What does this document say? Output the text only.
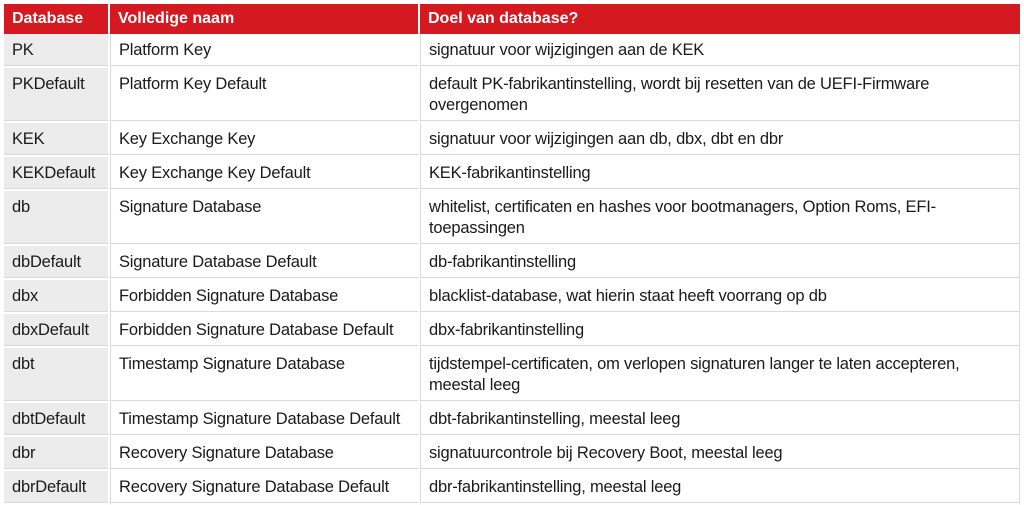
Database	Volledige naam	Doel van database?
PK	Platform Key	signatuur voor wijzigingen aan de KEK
PKDefault	Platform Key Default	default PK-fabrikantinstelling, wordt bij resetten van de UEFI-Firmware overgenomen
KEK	Key Exchange Key	signatuur voor wijzigingen aan db, dbx, dbt en dbr
KEKDefault	Key Exchange Key Default	KEK-fabrikantinstelling
db	Signature Database	whitelist, certificaten en hashes voor bootmanagers, Option Roms, EFI-toepassingen
dbDefault	Signature Database Default	db-fabrikantinstelling
dbx	Forbidden Signature Database	blacklist-database, wat hierin staat heeft voorrang op db
dbxDefault	Forbidden Signature Database Default	dbx-fabrikantinstelling
dbt	Timestamp Signature Database	tijdstempel-certificaten, om verlopen signaturen langer te laten accepteren, meestal leeg
dbtDefault	Timestamp Signature Database Default	dbt-fabrikantinstelling, meestal leeg
dbr	Recovery Signature Database	signatuurcontrole bij Recovery Boot, meestal leeg
dbrDefault	Recovery Signature Database Default	dbr-fabrikantinstelling, meestal leeg
